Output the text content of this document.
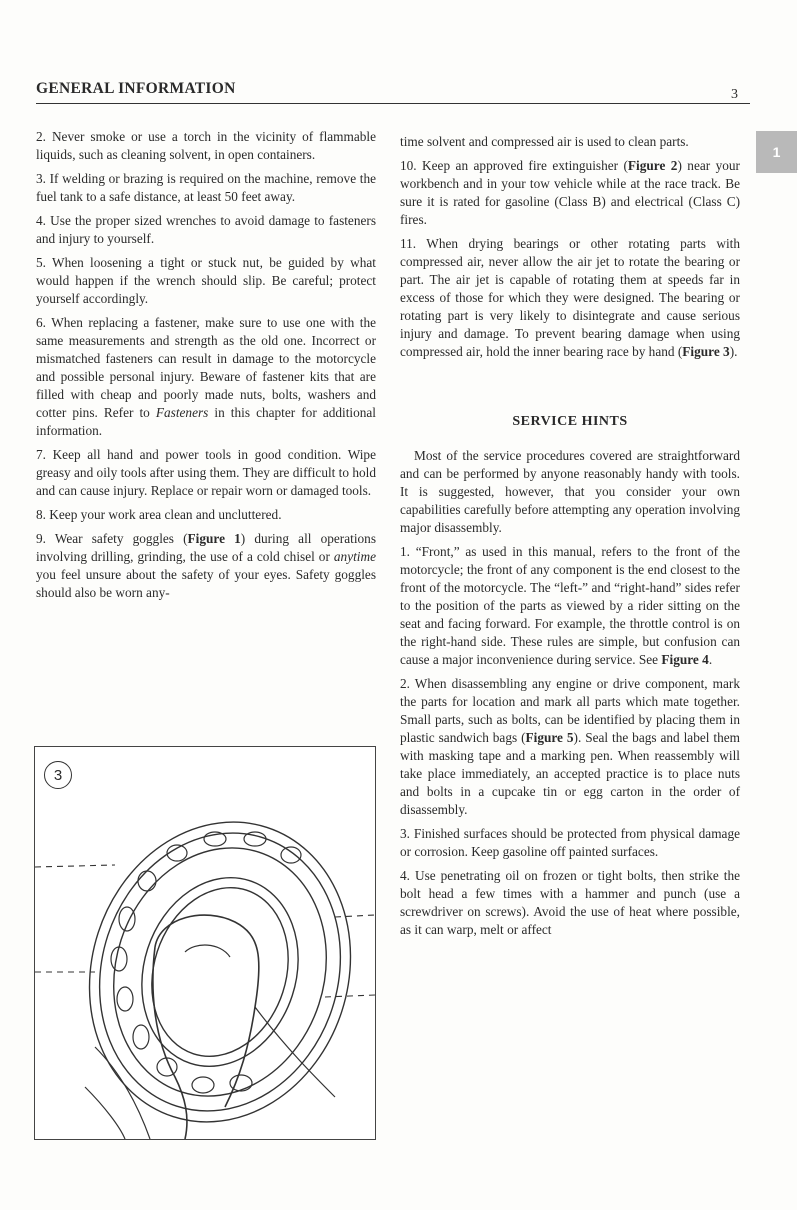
GENERAL INFORMATION	3
1

2. Never smoke or use a torch in the vicinity of flammable liquids, such as cleaning solvent, in open containers.

3. If welding or brazing is required on the machine, remove the fuel tank to a safe distance, at least 50 feet away.

4. Use the proper sized wrenches to avoid damage to fasteners and injury to yourself.

5. When loosening a tight or stuck nut, be guided by what would happen if the wrench should slip. Be careful; protect yourself accordingly.

6. When replacing a fastener, make sure to use one with the same measurements and strength as the old one. Incorrect or mismatched fasteners can result in damage to the motorcycle and possible personal injury. Beware of fastener kits that are filled with cheap and poorly made nuts, bolts, washers and cotter pins. Refer to Fasteners in this chapter for additional information.

7. Keep all hand and power tools in good condition. Wipe greasy and oily tools after using them. They are difficult to hold and can cause injury. Replace or repair worn or damaged tools.

8. Keep your work area clean and uncluttered.

9. Wear safety goggles (Figure 1) during all operations involving drilling, grinding, the use of a cold chisel or anytime you feel unsure about the safety of your eyes. Safety goggles should also be worn any-

3

time solvent and compressed air is used to clean parts.

10. Keep an approved fire extinguisher (Figure 2) near your workbench and in your tow vehicle while at the race track. Be sure it is rated for gasoline (Class B) and electrical (Class C) fires.

11. When drying bearings or other rotating parts with compressed air, never allow the air jet to rotate the bearing or part. The air jet is capable of rotating them at speeds far in excess of those for which they were designed. The bearing or rotating part is very likely to disintegrate and cause serious injury and damage. To prevent bearing damage when using compressed air, hold the inner bearing race by hand (Figure 3).

SERVICE HINTS

Most of the service procedures covered are straightforward and can be performed by anyone reasonably handy with tools. It is suggested, however, that you consider your own capabilities carefully before attempting any operation involving major disassembly.

1. “Front,” as used in this manual, refers to the front of the motorcycle; the front of any component is the end closest to the front of the motorcycle. The “left-” and “right-hand” sides refer to the position of the parts as viewed by a rider sitting on the seat and facing forward. For example, the throttle control is on the right-hand side. These rules are simple, but confusion can cause a major inconvenience during service. See Figure 4.

2. When disassembling any engine or drive component, mark the parts for location and mark all parts which mate together. Small parts, such as bolts, can be identified by placing them in plastic sandwich bags (Figure 5). Seal the bags and label them with masking tape and a marking pen. When reassembly will take place immediately, an accepted practice is to place nuts and bolts in a cupcake tin or egg carton in the order of disassembly.

3. Finished surfaces should be protected from physical damage or corrosion. Keep gasoline off painted surfaces.

4. Use penetrating oil on frozen or tight bolts, then strike the bolt head a few times with a hammer and punch (use a screwdriver on screws). Avoid the use of heat where possible, as it can warp, melt or affect
